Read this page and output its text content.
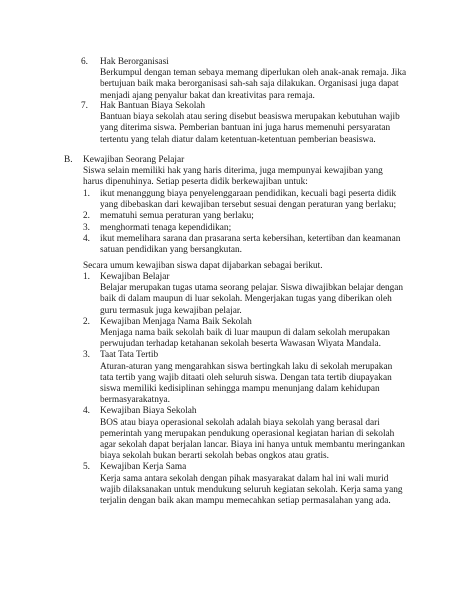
6. Hak Berorganisasi
Berkumpul dengan teman sebaya memang diperlukan oleh anak-anak remaja. Jika
bertujuan baik maka berorganisasi sah-sah saja dilakukan. Organisasi juga dapat
menjadi ajang penyalur bakat dan kreativitas para remaja.
7. Hak Bantuan Biaya Sekolah
Bantuan biaya sekolah atau sering disebut beasiswa merupakan kebutuhan wajib
yang diterima siswa. Pemberian bantuan ini juga harus memenuhi persyaratan
tertentu yang telah diatur dalam ketentuan-ketentuan pemberian beasiswa.
B. Kewajiban Seorang Pelajar
Siswa selain memiliki hak yang haris diterima, juga mempunyai kewajiban yang
harus dipenuhinya. Setiap peserta didik berkewajiban untuk:
1. ikut menanggung biaya penyelenggaraan pendidikan, kecuali bagi peserta didik
yang dibebaskan dari kewajiban tersebut sesuai dengan peraturan yang berlaku;
2. mematuhi semua peraturan yang berlaku;
3. menghormati tenaga kependidikan;
4. ikut memelihara sarana dan prasarana serta kebersihan, ketertiban dan keamanan
satuan pendidikan yang bersangkutan.
Secara umum kewajiban siswa dapat dijabarkan sebagai berikut.
1. Kewajiban Belajar
Belajar merupakan tugas utama seorang pelajar. Siswa diwajibkan belajar dengan
baik di dalam maupun di luar sekolah. Mengerjakan tugas yang diberikan oleh
guru termasuk juga kewajiban pelajar.
2. Kewajiban Menjaga Nama Baik Sekolah
Menjaga nama baik sekolah baik di luar maupun di dalam sekolah merupakan
perwujudan terhadap ketahanan sekolah beserta Wawasan Wiyata Mandala.
3. Taat Tata Tertib
Aturan-aturan yang mengarahkan siswa bertingkah laku di sekolah merupakan
tata tertib yang wajib ditaati oleh seluruh siswa. Dengan tata tertib diupayakan
siswa memiliki kedisiplinan sehingga mampu menunjang dalam kehidupan
bermasyarakatnya.
4. Kewajiban Biaya Sekolah
BOS atau biaya operasional sekolah adalah biaya sekolah yang berasal dari
pemerintah yang merupakan pendukung operasional kegiatan harian di sekolah
agar sekolah dapat berjalan lancar. Biaya ini hanya untuk membantu meringankan
biaya sekolah bukan berarti sekolah bebas ongkos atau gratis.
5. Kewajiban Kerja Sama
Kerja sama antara sekolah dengan pihak masyarakat dalam hal ini wali murid
wajib dilaksanakan untuk mendukung seluruh kegiatan sekolah. Kerja sama yang
terjalin dengan baik akan mampu memecahkan setiap permasalahan yang ada.
